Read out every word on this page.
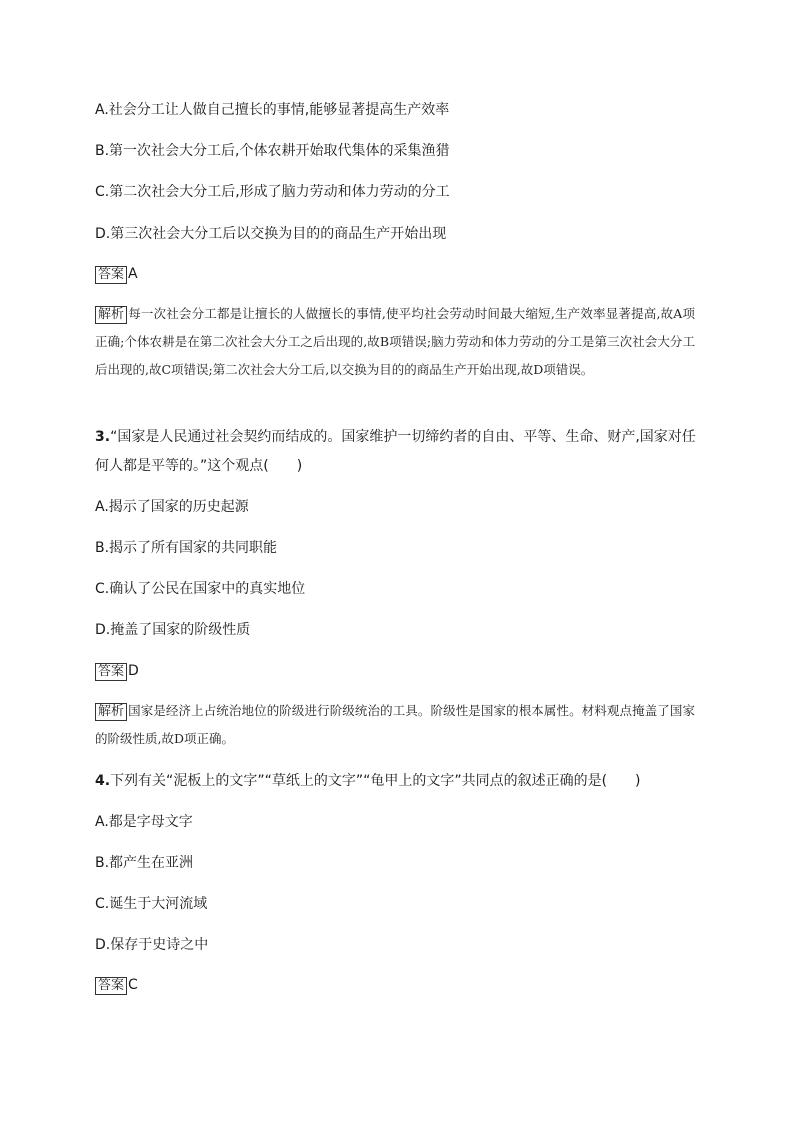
A.社会分工让人做自己擅长的事情,能够显著提高生产效率
B.第一次社会大分工后,个体农耕开始取代集体的采集渔猎
C.第二次社会大分工后,形成了脑力劳动和体力劳动的分工
D.第三次社会大分工后以交换为目的的商品生产开始出现
答案 A
解析 每一次社会分工都是让擅长的人做擅长的事情,使平均社会劳动时间最大缩短,生产效率显著提高,故A项正确;个体农耕是在第二次社会大分工之后出现的,故B项错误;脑力劳动和体力劳动的分工是第三次社会大分工后出现的,故C项错误;第二次社会大分工后,以交换为目的的商品生产开始出现,故D项错误。
3.“国家是人民通过社会契约而结成的。国家维护一切缔约者的自由、平等、生命、财产,国家对任
何人都是平等的。”这个观点(　　)
A.揭示了国家的历史起源
B.揭示了所有国家的共同职能
C.确认了公民在国家中的真实地位
D.掩盖了国家的阶级性质
答案 D
解析 国家是经济上占统治地位的阶级进行阶级统治的工具。阶级性是国家的根本属性。材料观点掩盖了国家的阶级性质,故D项正确。
4.下列有关“泥板上的文字”“草纸上的文字”“龟甲上的文字”共同点的叙述正确的是(　　)
A.都是字母文字
B.都产生在亚洲
C.诞生于大河流域
D.保存于史诗之中
答案 C
